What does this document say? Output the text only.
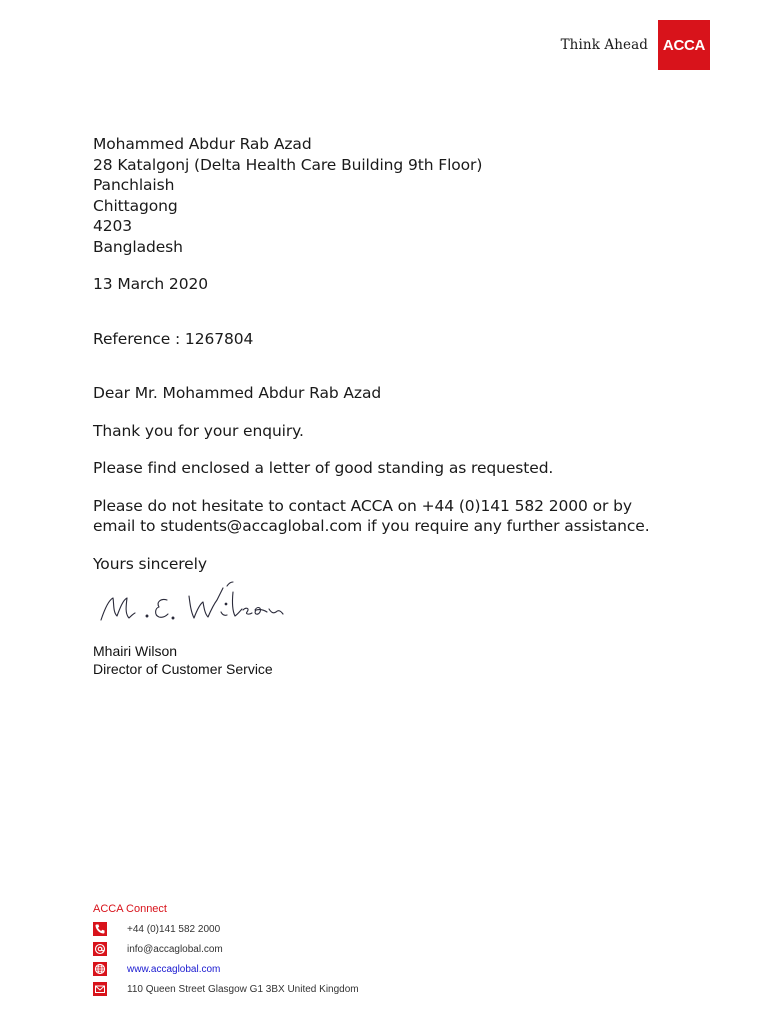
Think Ahead ACCA
Mohammed Abdur Rab Azad
28 Katalgonj (Delta Health Care Building 9th Floor)
Panchlaish
Chittagong
4203
Bangladesh
13 March 2020
Reference : 1267804
Dear Mr. Mohammed Abdur Rab Azad
Thank you for your enquiry.
Please find enclosed a letter of good standing as requested.
Please do not hesitate to contact ACCA on +44 (0)141 582 2000 or by
email to students@accaglobal.com if you require any further assistance.
Yours sincerely
Mhairi Wilson
Director of Customer Service
ACCA Connect
+44 (0)141 582 2000
info@accaglobal.com
www.accaglobal.com
110 Queen Street Glasgow G1 3BX United Kingdom
